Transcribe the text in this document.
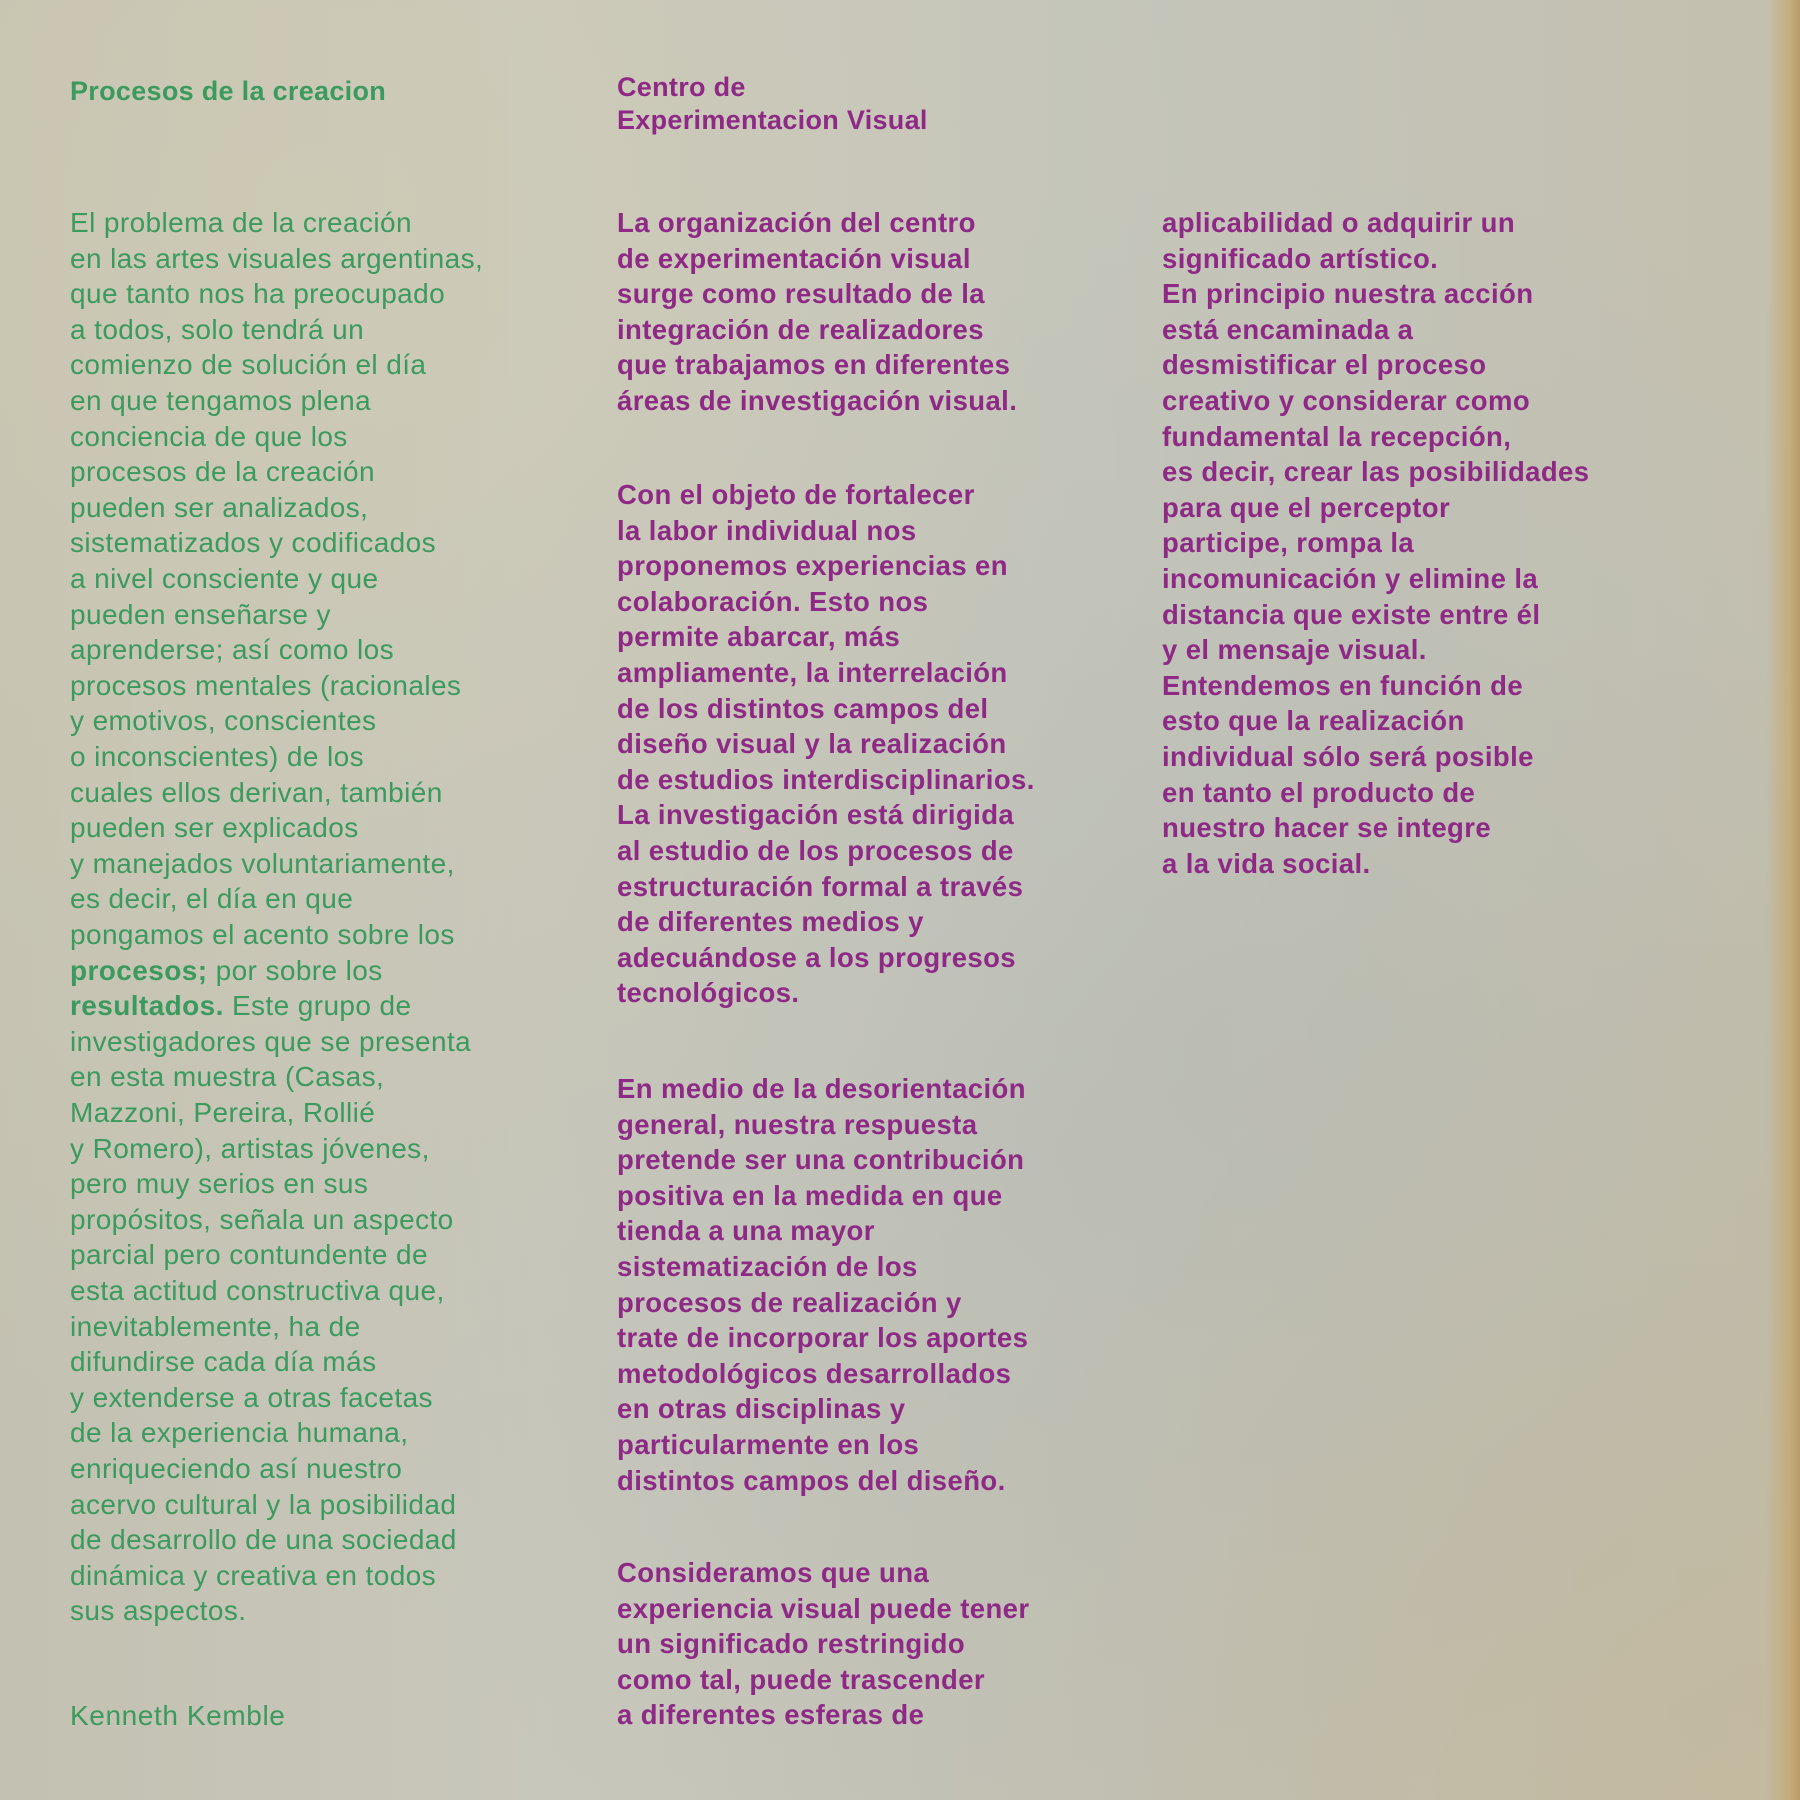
Procesos de la creacion
El problema de la creación
en las artes visuales argentinas,
que tanto nos ha preocupado
a todos, solo tendrá un
comienzo de solución el día
en que tengamos plena
conciencia de que los
procesos de la creación
pueden ser analizados,
sistematizados y codificados
a nivel consciente y que
pueden enseñarse y
aprenderse; así como los
procesos mentales (racionales
y emotivos, conscientes
o inconscientes) de los
cuales ellos derivan, también
pueden ser explicados
y manejados voluntariamente,
es decir, el día en que
pongamos el acento sobre los
procesos; por sobre los
resultados. Este grupo de
investigadores que se presenta
en esta muestra (Casas,
Mazzoni, Pereira, Rollié
y Romero), artistas jóvenes,
pero muy serios en sus
propósitos, señala un aspecto
parcial pero contundente de
esta actitud constructiva que,
inevitablemente, ha de
difundirse cada día más
y extenderse a otras facetas
de la experiencia humana,
enriqueciendo así nuestro
acervo cultural y la posibilidad
de desarrollo de una sociedad
dinámica y creativa en todos
sus aspectos.

Kenneth Kemble

Centro de
Experimentacion Visual
La organización del centro
de experimentación visual
surge como resultado de la
integración de realizadores
que trabajamos en diferentes
áreas de investigación visual.
Con el objeto de fortalecer
la labor individual nos
proponemos experiencias en
colaboración. Esto nos
permite abarcar, más
ampliamente, la interrelación
de los distintos campos del
diseño visual y la realización
de estudios interdisciplinarios.
La investigación está dirigida
al estudio de los procesos de
estructuración formal a través
de diferentes medios y
adecuándose a los progresos
tecnológicos.
En medio de la desorientación
general, nuestra respuesta
pretende ser una contribución
positiva en la medida en que
tienda a una mayor
sistematización de los
procesos de realización y
trate de incorporar los aportes
metodológicos desarrollados
en otras disciplinas y
particularmente en los
distintos campos del diseño.
Consideramos que una
experiencia visual puede tener
un significado restringido
como tal, puede trascender
a diferentes esferas de
aplicabilidad o adquirir un
significado artístico.
En principio nuestra acción
está encaminada a
desmistificar el proceso
creativo y considerar como
fundamental la recepción,
es decir, crear las posibilidades
para que el perceptor
participe, rompa la
incomunicación y elimine la
distancia que existe entre él
y el mensaje visual.
Entendemos en función de
esto que la realización
individual sólo será posible
en tanto el producto de
nuestro hacer se integre
a la vida social.
